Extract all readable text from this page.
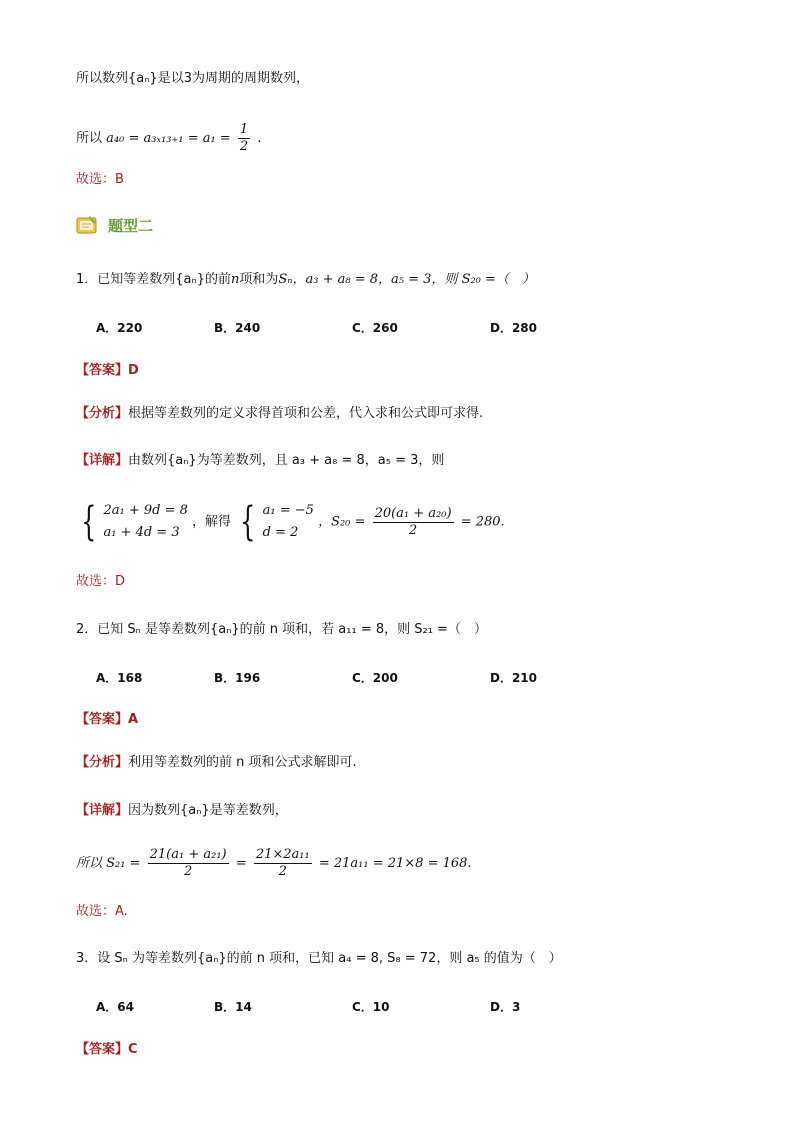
所以数列{aₙ}是以3为周期的周期数列，
所以 $a_{40} = a_{3x13+1} = a_1 = \frac{1}{2}$ .
故选：B
题型二
1．已知等差数列{aₙ}的前n项和为Sₙ，a₃ + a₈ = 8，a₅ = 3，则 S₂₀ =（　）
A．220	B．240	C．260	D．280
【答案】D
【分析】根据等差数列的定义求得首项和公差，代入求和公式即可求得.
【详解】由数列{aₙ}为等差数列，且 a₃ + a₈ = 8，a₅ = 3，则
{ 2a₁ + 9d = 8
a₁ + 4d = 3
，解得 { a₁ = −5
d = 2
，$S_{20} = \frac{\text{20(a₁ + a₂₀)}}{2} = 280$.
故选：D
2．已知 Sₙ 是等差数列{aₙ}的前 n 项和，若 a₁₁ = 8，则 S₂₁ =（　）
A．168	B．196	C．200	D．210
【答案】A
【分析】利用等差数列的前 n 项和公式求解即可.
【详解】因为数列{aₙ}是等差数列，
所以 $S_{21} = \frac{\text{21(a₁ + a₂₁)}}{2} = \frac{\text{21×2a₁₁}}{2} = 21a_{11} = 21\times 8 = 168$.
故选：A.
3．设 Sₙ 为等差数列{aₙ}的前 n 项和，已知 a₄ = 8, S₈ = 72，则 a₅ 的值为（　）
A．64	B．14	C．10	D．3
【答案】C
